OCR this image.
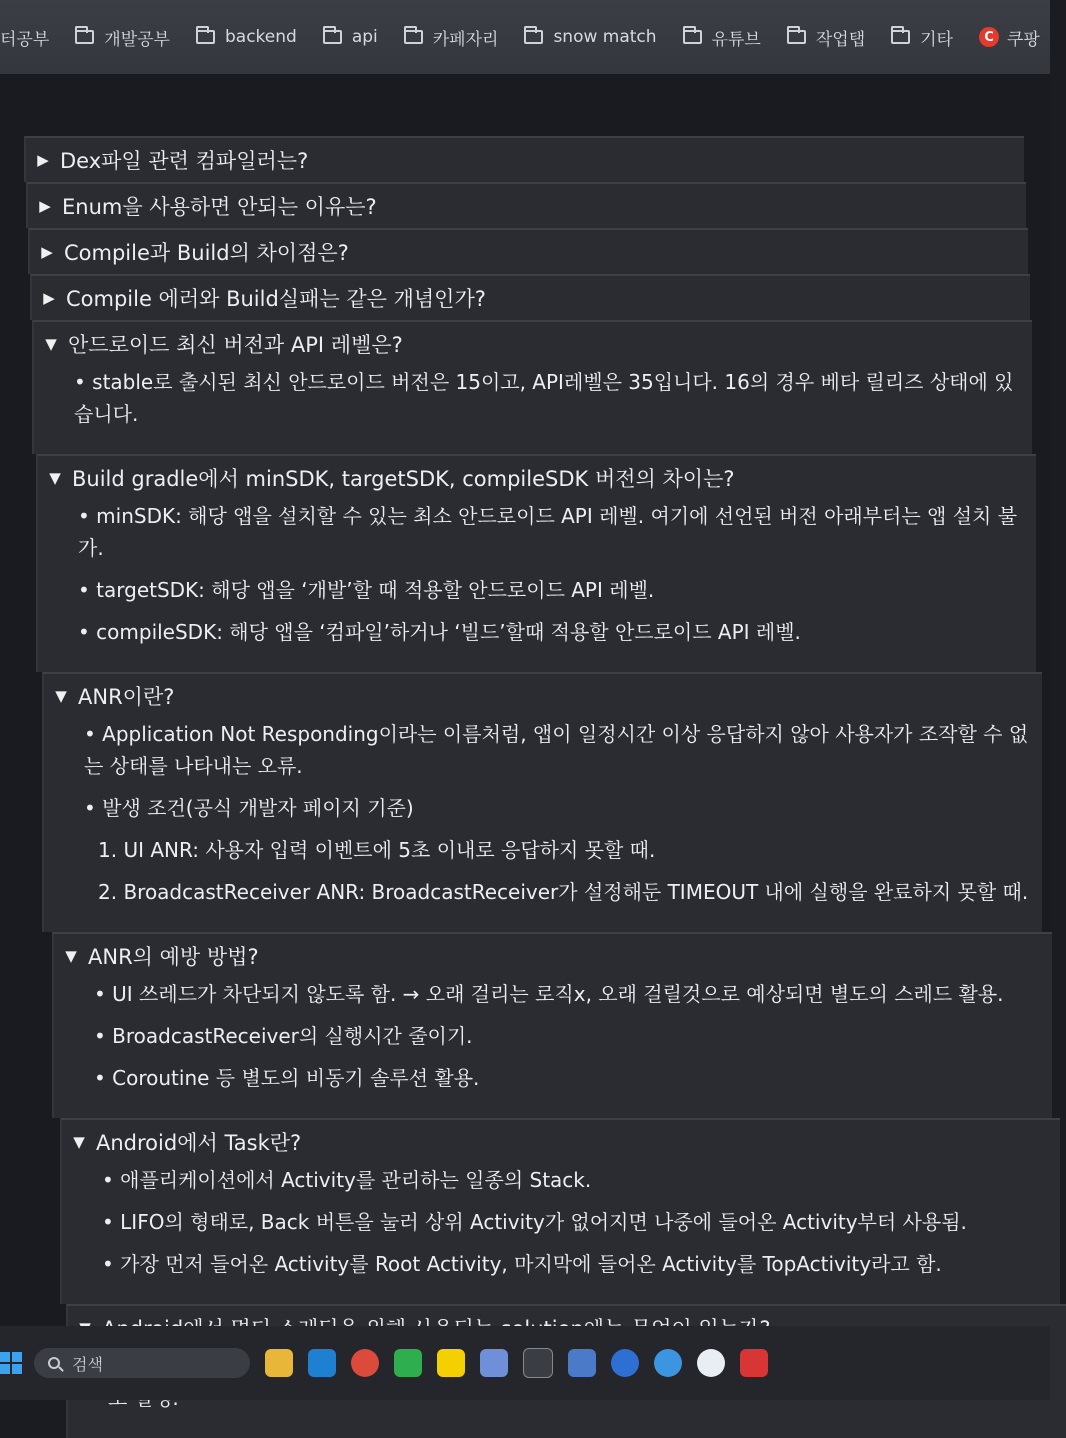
터공부	개발공부	backend	api	카페자리	snow match	유튜브	작업탭	기타	C 쿠팡
▶ Dex파일 관련 컴파일러는?
▶ Enum을 사용하면 안되는 이유는?
▶ Compile과 Build의 차이점은?
▶ Compile 에러와 Build실패는 같은 개념인가?
▼ 안드로이드 최신 버전과 API 레벨은?

• stable로 출시된 최신 안드로이드 버전은 15이고, API레벨은 35입니다. 16의 경우 베타 릴리즈 상태에 있습니다.

▼ Build gradle에서 minSDK, targetSDK, compileSDK 버전의 차이는?

• minSDK: 해당 앱을 설치할 수 있는 최소 안드로이드 API 레벨. 여기에 선언된 버전 아래부터는 앱 설치 불가.

• targetSDK: 해당 앱을 ‘개발’할 때 적용할 안드로이드 API 레벨.

• compileSDK: 해당 앱을 ‘컴파일’하거나 ‘빌드’할때 적용할 안드로이드 API 레벨.

▼ ANR이란?

• Application Not Responding이라는 이름처럼, 앱이 일정시간 이상 응답하지 않아 사용자가 조작할 수 없는 상태를 나타내는 오류.

• 발생 조건(공식 개발자 페이지 기준)

1. UI ANR: 사용자 입력 이벤트에 5초 이내로 응답하지 못할 때.

2. BroadcastReceiver ANR: BroadcastReceiver가 설정해둔 TIMEOUT 내에 실행을 완료하지 못할 때.

▼ ANR의 예방 방법?

• UI 쓰레드가 차단되지 않도록 함. → 오래 걸리는 로직x, 오래 걸릴것으로 예상되면 별도의 스레드 활용.

• BroadcastReceiver의 실행시간 줄이기.

• Coroutine 등 별도의 비동기 솔루션 활용.

▼ Android에서 Task란?

• 애플리케이션에서 Activity를 관리하는 일종의 Stack.

• LIFO의 형태로, Back 버튼을 눌러 상위 Activity가 없어지면 나중에 들어온 Activity부터 사용됨.

• 가장 먼저 들어온 Activity를 Root Activity, 마지막에 들어온 Activity를 TopActivity라고 함.

검색
